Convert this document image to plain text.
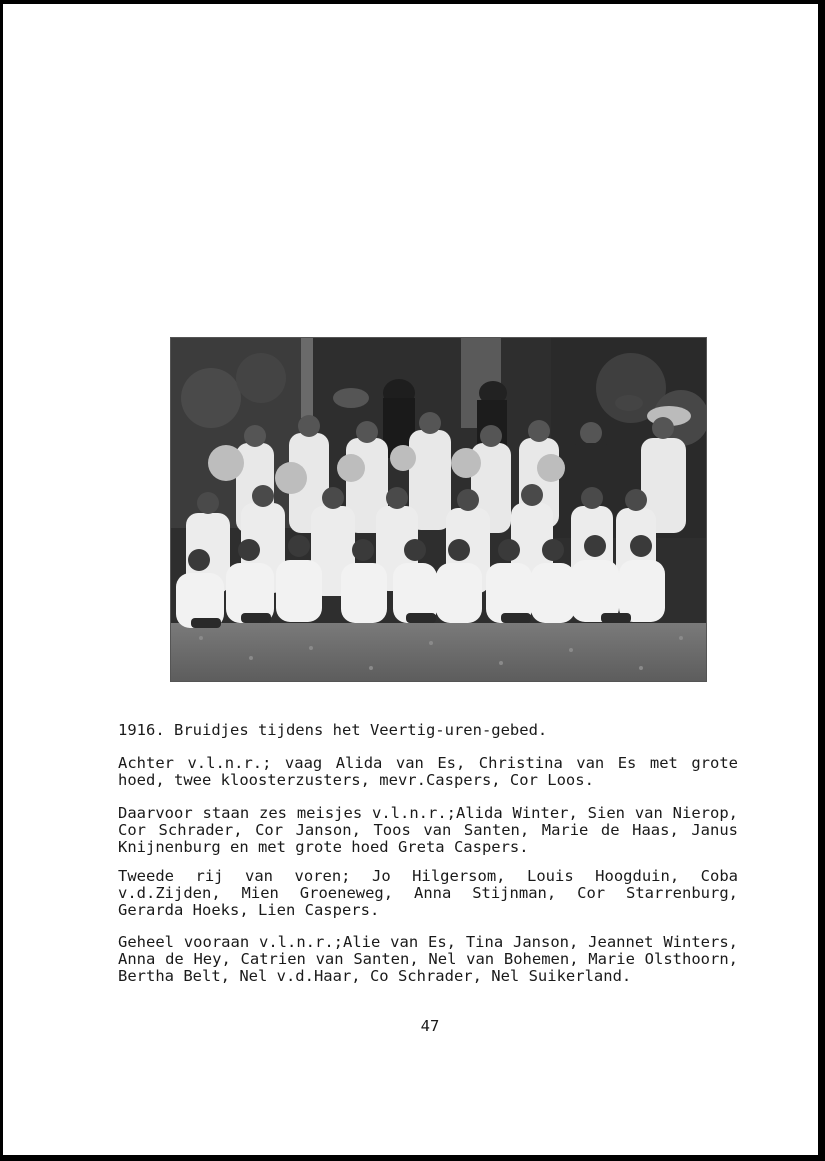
1916. Bruidjes tijdens het Veertig-uren-gebed.
Achter v.l.n.r.; vaag Alida van Es, Christina van Es met grote hoed, twee kloosterzusters, mevr.Caspers, Cor Loos.
Daarvoor staan zes meisjes v.l.n.r.;Alida Winter, Sien van Nierop, Cor Schrader, Cor Janson, Toos van Santen, Marie de Haas, Janus Knijnenburg en met grote hoed Greta Caspers.
Tweede rij van voren; Jo Hilgersom, Louis Hoogduin, Coba v.d.Zijden, Mien Groeneweg, Anna Stijnman, Cor Starrenburg, Gerarda Hoeks, Lien Caspers.
Geheel vooraan v.l.n.r.;Alie van Es, Tina Janson, Jeannet Winters, Anna de Hey, Catrien van Santen, Nel van Bohemen, Marie Olsthoorn, Bertha Belt, Nel v.d.Haar, Co Schrader, Nel Suikerland.
47
